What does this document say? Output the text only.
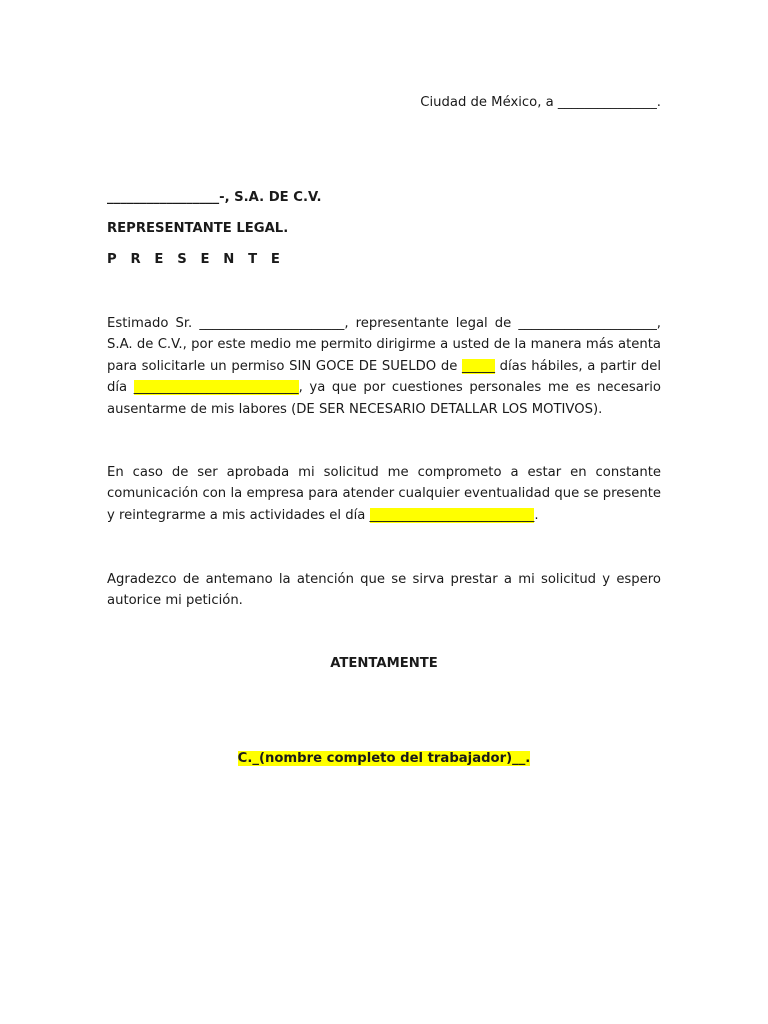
Ciudad de México, a _______________.
_________________-, S.A. DE C.V.
REPRESENTANTE LEGAL.
P R E S E N T E
Estimado Sr. ______________________, representante legal de _____________________, S.A. de C.V., por este medio me permito dirigirme a usted de la manera más atenta para solicitarle un permiso SIN GOCE DE SUELDO de _____ días hábiles, a partir del día _________________________, ya que por cuestiones personales me es necesario ausentarme de mis labores (DE SER NECESARIO DETALLAR LOS MOTIVOS).
En caso de ser aprobada mi solicitud me comprometo a estar en constante comunicación con la empresa para atender cualquier eventualidad que se presente y reintegrarme a mis actividades el día _________________________.
Agradezco de antemano la atención que se sirva prestar a mi solicitud y espero autorice mi petición.
ATENTAMENTE
C._(nombre completo del trabajador)__.
